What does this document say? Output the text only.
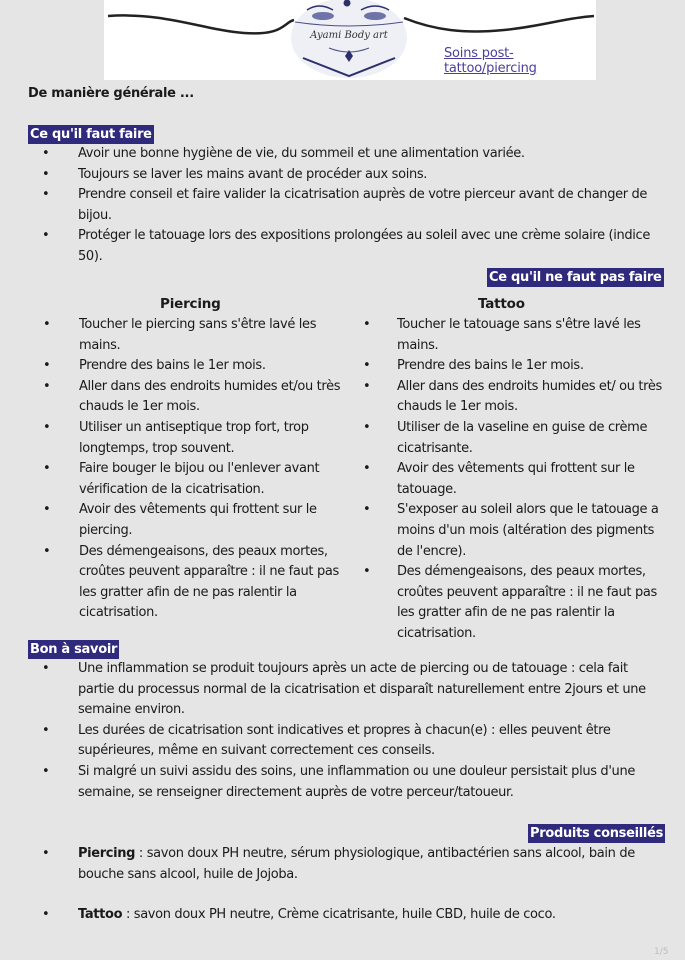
Ayami Body art
Soins post-tattoo/piercing
De manière générale ...
Ce qu'il faut faire
• Avoir une bonne hygiène de vie, du sommeil et une alimentation variée.
• Toujours se laver les mains avant de procéder aux soins.
• Prendre conseil et faire valider la cicatrisation auprès de votre pierceur avant de changer de bijou.
• Protéger le tatouage lors des expositions prolongées au soleil avec une crème solaire (indice 50).
Ce qu'il ne faut pas faire
Piercing
• Toucher le piercing sans s'être lavé les mains.
• Prendre des bains le 1er mois.
• Aller dans des endroits humides et/ou très chauds le 1er mois.
• Utiliser un antiseptique trop fort, trop longtemps, trop souvent.
• Faire bouger le bijou ou l'enlever avant vérification de la cicatrisation.
• Avoir des vêtements qui frottent sur le piercing.
• Des démengeaisons, des peaux mortes, croûtes peuvent apparaître : il ne faut pas les gratter afin de ne pas ralentir la cicatrisation.
Tattoo
• Toucher le tatouage sans s'être lavé les mains.
• Prendre des bains le 1er mois.
• Aller dans des endroits humides et/ ou très chauds le 1er mois.
• Utiliser de la vaseline en guise de crème cicatrisante.
• Avoir des vêtements qui frottent sur le tatouage.
• S'exposer au soleil alors que le tatouage a moins d'un mois (altération des pigments de l'encre).
• Des démengeaisons, des peaux mortes, croûtes peuvent apparaître : il ne faut pas les gratter afin de ne pas ralentir la cicatrisation.
Bon à savoir
• Une inflammation se produit toujours après un acte de piercing ou de tatouage : cela fait partie du processus normal de la cicatrisation et disparaît naturellement entre 2jours et une semaine environ.
• Les durées de cicatrisation sont indicatives et propres à chacun(e) : elles peuvent être supérieures, même en suivant correctement ces conseils.
• Si malgré un suivi assidu des soins, une inflammation ou une douleur persistait plus d'une semaine, se renseigner directement auprès de votre perceur/tatoueur.
Produits conseillés
• Piercing : savon doux PH neutre, sérum physiologique, antibactérien sans alcool, bain de bouche sans alcool, huile de Jojoba.
• Tattoo : savon doux PH neutre, Crème cicatrisante, huile CBD, huile de coco.
1/5
